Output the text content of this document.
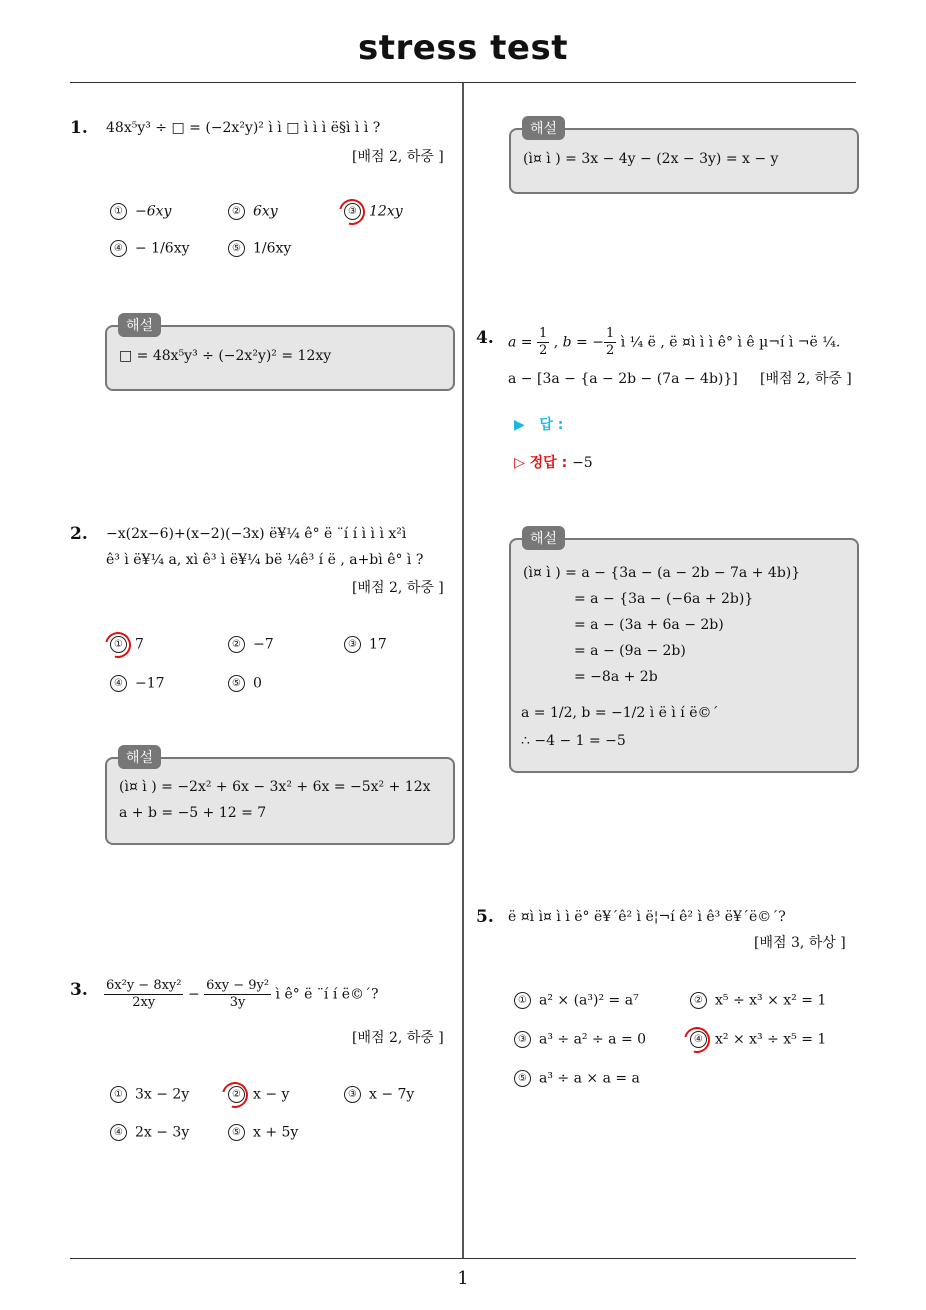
stress test
1
1. 48x⁵y³ ÷ □ = (−2x²y)² ì ì □ ì ì ì ë§ì ì ì ?
[배점 2, 하중 ]
① −6xy	② 6xy	③ 12xy
④ − 1/6xy	⑤ 1/6xy
해설
□ = 48x⁵y³ ÷ (−2x²y)² = 12xy
2. −x(2x−6)+(x−2)(−3x) ë¥¼ ê° ë ¨í í ì ì ì x²ì
ê³ ì ë¥¼ a, xì ê³ ì ë¥¼ bë ¼ê³ í ë , a+bì ê° ì ?
[배점 2, 하중 ]
① 7	② −7	③ 17
④ −17	⑤ 0
해설
(ì¤ ì ) = −2x² + 6x − 3x² + 6x = −5x² + 12x
a + b = −5 + 12 = 7
3. $\frac{\text{6x²y − 8xy²}}{2xy} - \frac{\text{6xy − 9y²}}{3y}$ ì ê° ë ¨í í ë©´?
[배점 2, 하중 ]
① 3x − 2y	② x − y	③ x − 7y
④ 2x − 3y	⑤ x + 5y
해설
(ì¤ ì ) = 3x − 4y − (2x − 3y) = x − y
4. $a = \frac{1}{2}$ , b = − $\frac{1}{2}$ ì ¼ ë , ë ¤ì ì ì ê° ì ê µ¬í ì ¬ë ¼.
a − [3a − {a − 2b − (7a − 4b)}] [배점 2, 하중 ]
▶ 답 :
▷ 정답 : −5
해설
(ì¤ ì ) = a − {3a − (a − 2b − 7a + 4b)}
= a − {3a − (−6a + 2b)}
= a − (3a + 6a − 2b)
= a − (9a − 2b)
= −8a + 2b
a = 1/2, b = −1/2 ì ë ì í ë©´
∴ −4 − 1 = −5
5. ë ¤ì ì¤ ì ì ë° ë¥´ê² ì ë¦¬í ê² ì ê³ ë¥´ë©´?
[배점 3, 하상 ]
① a² × (a³)² = a⁷	② x⁵ ÷ x³ × x² = 1
③ a³ ÷ a² ÷ a = 0	④ x² × x³ ÷ x⁵ = 1
⑤ a³ ÷ a × a = a
